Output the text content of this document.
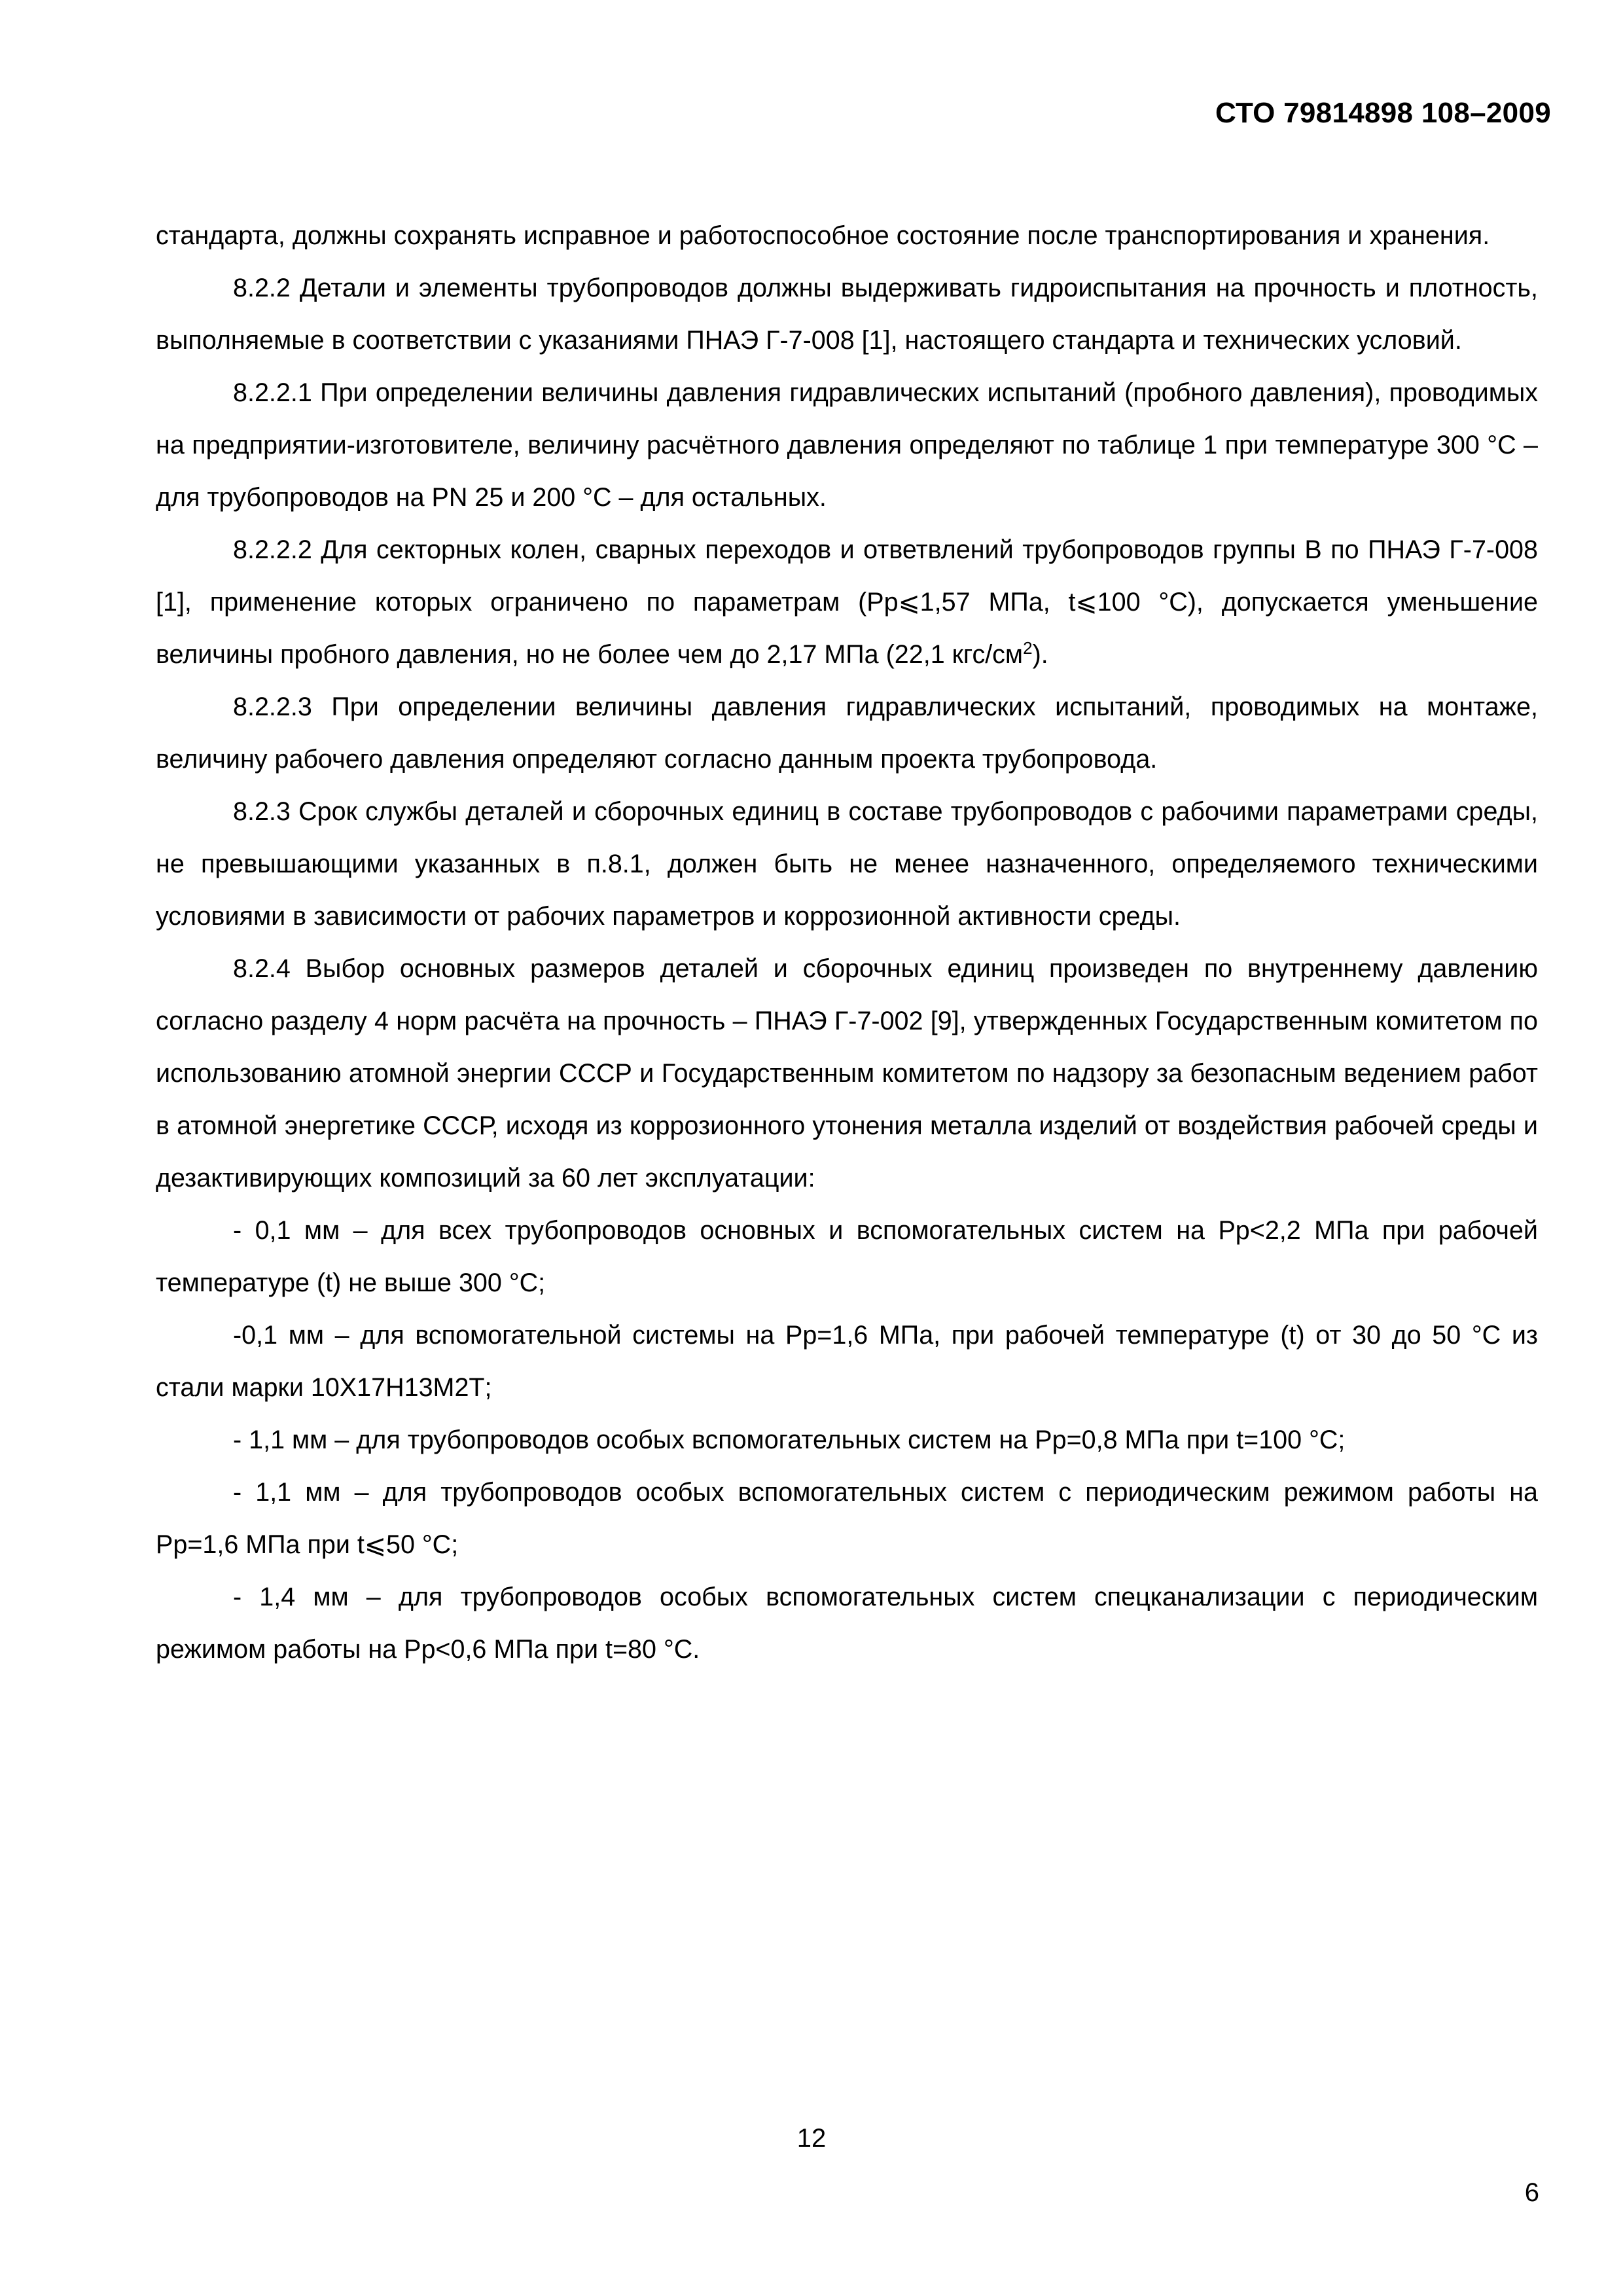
СТО 79814898 108–2009

стандарта, должны сохранять исправное и работоспособное состояние после транспортирования и хранения.

8.2.2 Детали и элементы трубопроводов должны выдерживать гидроиспытания на прочность и плотность, выполняемые в соответствии с указаниями ПНАЭ Г-7-008 [1], настоящего стандарта и технических условий.

8.2.2.1 При определении величины давления гидравлических испытаний (пробного давления), проводимых на предприятии-изготовителе, величину расчётного давления определяют по таблице 1 при температуре 300 °С – для трубопроводов на PN 25 и 200 °С – для остальных.

8.2.2.2 Для секторных колен, сварных переходов и ответвлений трубопроводов группы В по ПНАЭ Г-7-008 [1], применение которых ограничено по параметрам (Рр⩽1,57 МПа, t⩽100 °С), допускается уменьшение величины пробного давления, но не более чем до 2,17 МПа (22,1 кгс/$см^2$).

8.2.2.3 При определении величины давления гидравлических испытаний, проводимых на монтаже, величину рабочего давления определяют согласно данным проекта трубопровода.

8.2.3 Срок службы деталей и сборочных единиц в составе трубопроводов с рабочими параметрами среды, не превышающими указанных в п.8.1, должен быть не менее назначенного, определяемого техническими условиями в зависимости от рабочих параметров и коррозионной активности среды.

8.2.4 Выбор основных размеров деталей и сборочных единиц произведен по внутреннему давлению согласно разделу 4 норм расчёта на прочность – ПНАЭ Г-7-002 [9], утвержденных Государственным комитетом по использованию атомной энергии СССР и Государственным комитетом по надзору за безопасным ведением работ в атомной энергетике СССР, исходя из коррозионного утонения металла изделий от воздействия рабочей среды и дезактивирующих композиций за 60 лет эксплуатации:

- 0,1 мм – для всех трубопроводов основных и вспомогательных систем на Рр<2,2 МПа при рабочей температуре (t) не выше 300 °С;

-0,1 мм – для вспомогательной системы на Рр=1,6 МПа, при рабочей температуре (t) от 30 до 50 °С из стали марки 10Х17Н13М2Т;

- 1,1 мм – для трубопроводов особых вспомогательных систем на Рр=0,8 МПа при t=100 °С;

- 1,1 мм – для трубопроводов особых вспомогательных систем с периодическим режимом работы на Рр=1,6 МПа при t⩽50 °С;

- 1,4 мм – для трубопроводов особых вспомогательных систем спецканализации с периодическим режимом работы на Рр<0,6 МПа при t=80 °С.

12
6
